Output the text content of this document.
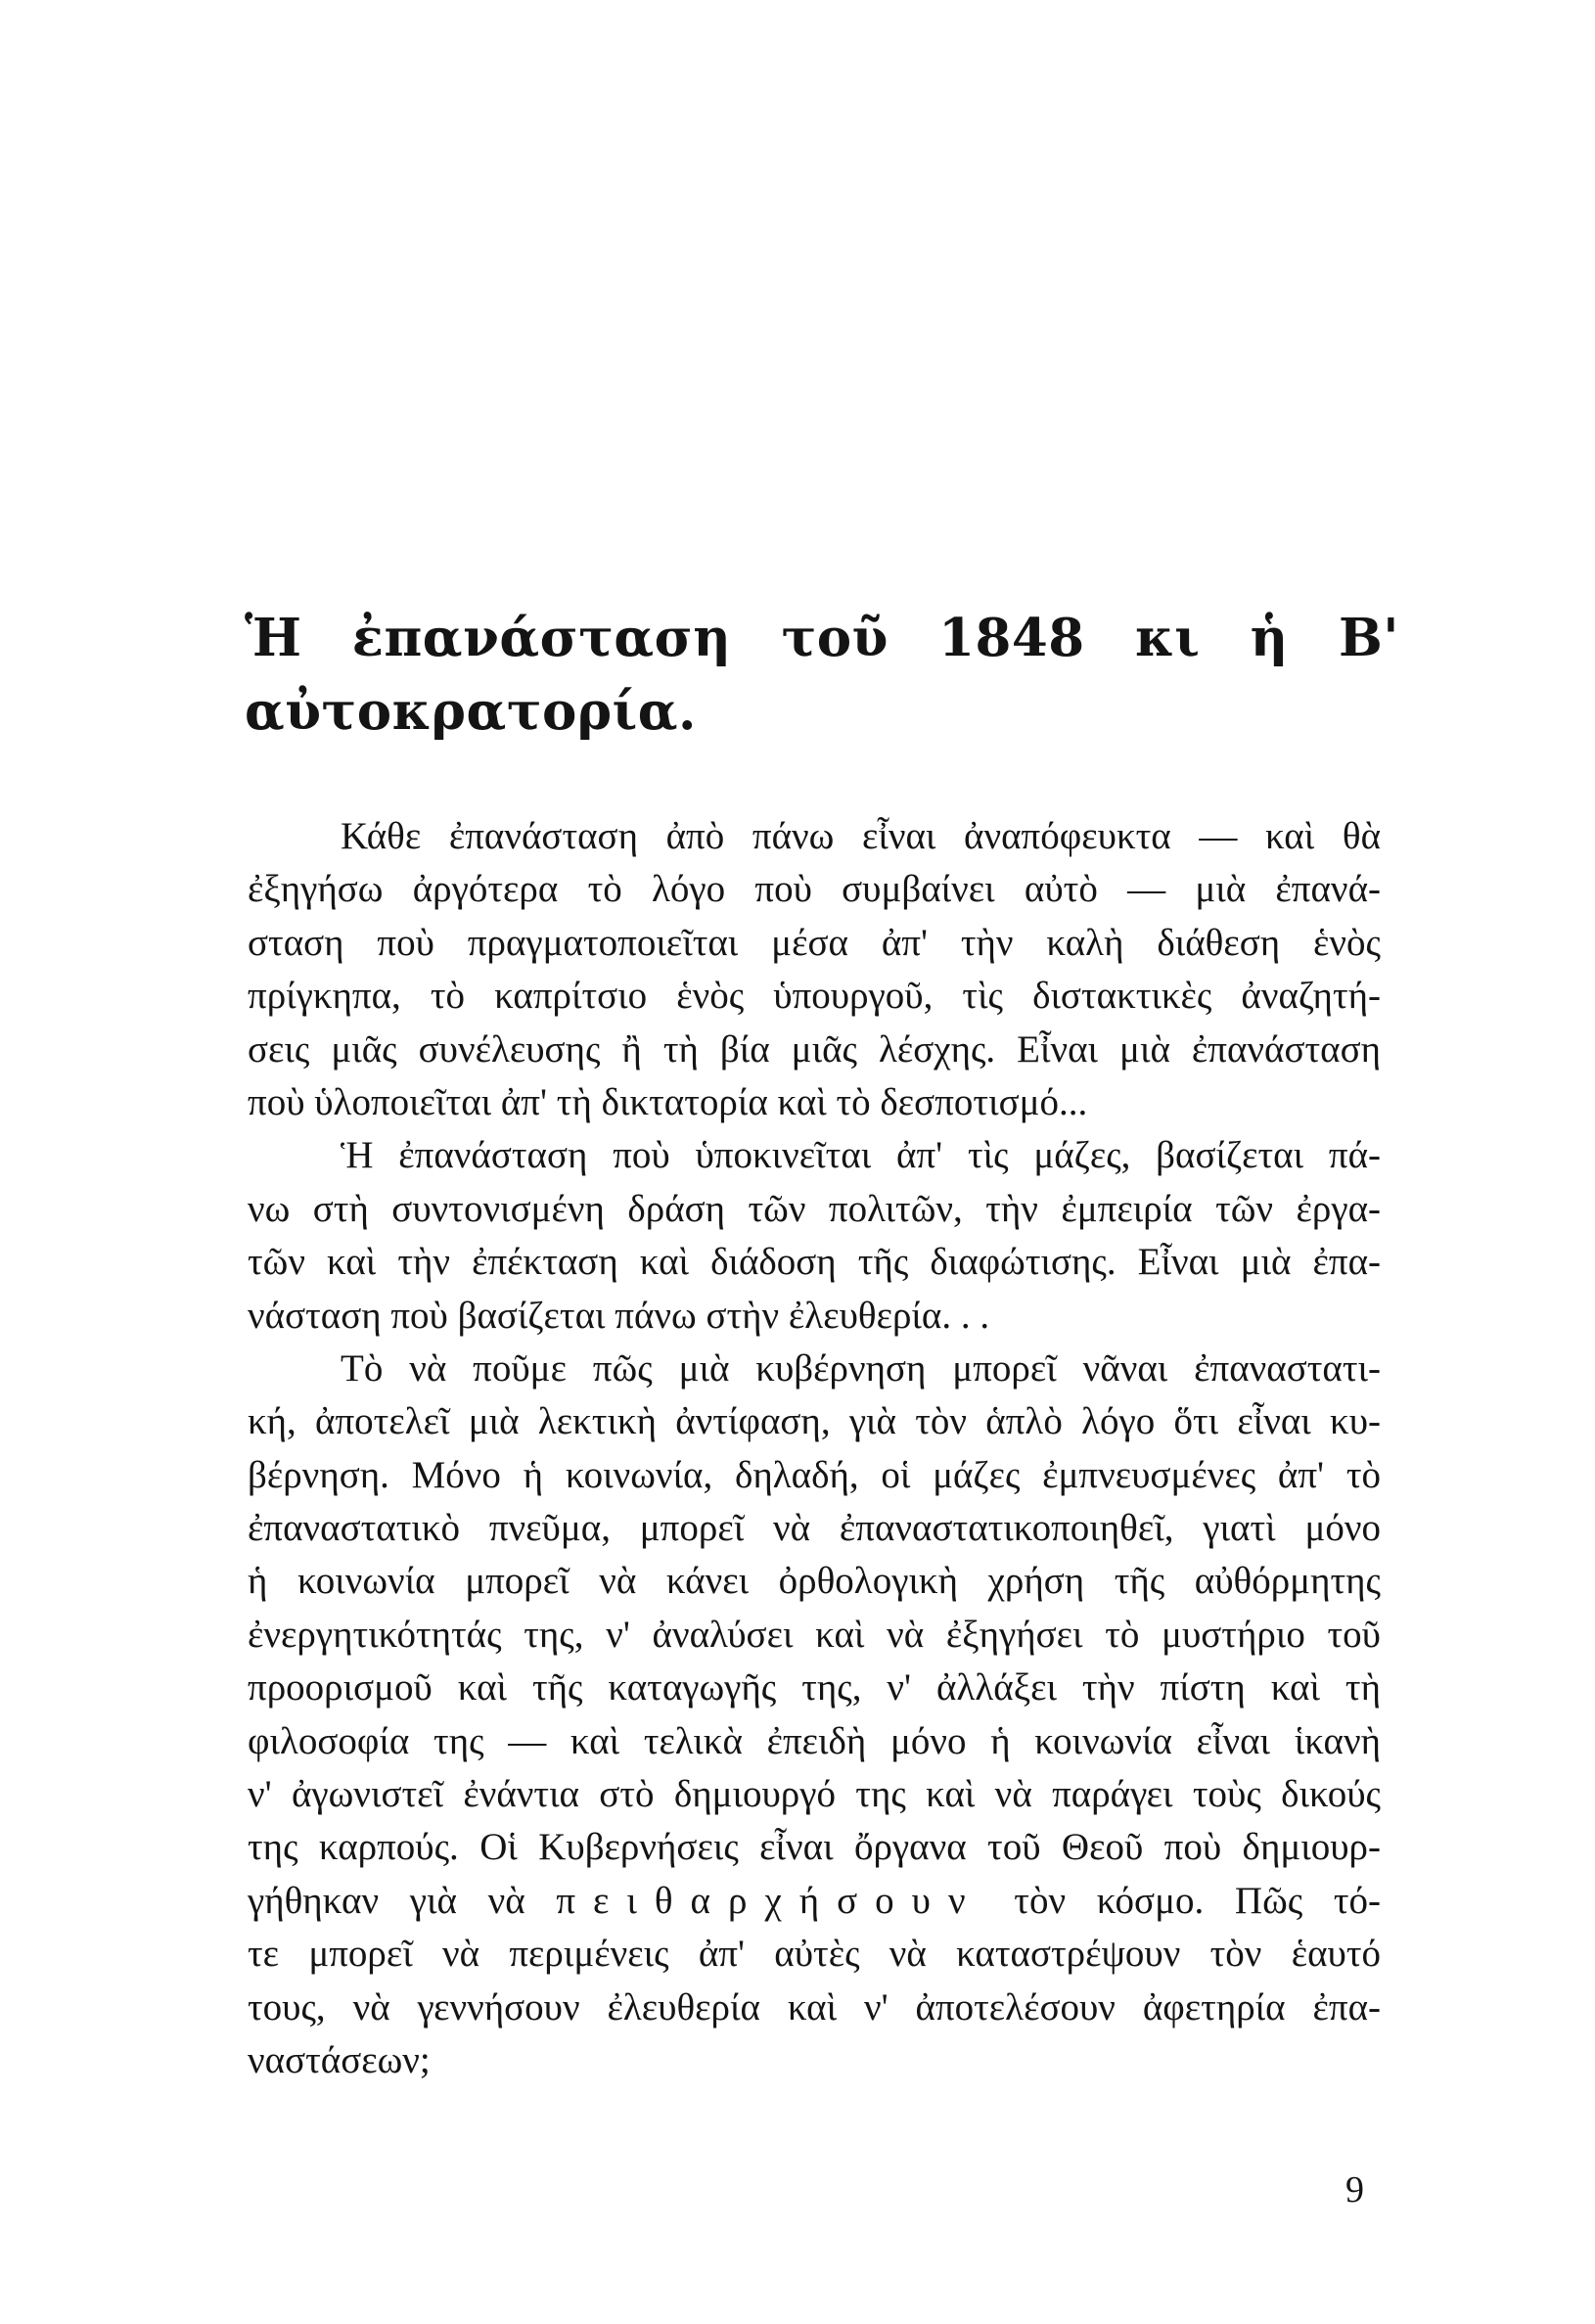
Ἡ ἐπανάσταση τοῦ 1848 κι ἡ Β' αὐτοκρατορία.
Κάθε ἐπανάσταση ἀπὸ πάνω εἶναι ἀναπόφευκτα — καὶ θὰ
ἐξηγήσω ἀργότερα τὸ λόγο ποὺ συμβαίνει αὐτὸ — μιὰ ἐπανά-
σταση ποὺ πραγματοποιεῖται μέσα ἀπ' τὴν καλὴ διάθεση ἑνὸς
πρίγκηπα, τὸ καπρίτσιο ἑνὸς ὑπουργοῦ, τὶς διστακτικὲς ἀναζητή-
σεις μιᾶς συνέλευσης ἢ τὴ βία μιᾶς λέσχης. Εἶναι μιὰ ἐπανάσταση
ποὺ ὑλοποιεῖται ἀπ' τὴ δικτατορία καὶ τὸ δεσποτισμό...
Ἡ ἐπανάσταση ποὺ ὑποκινεῖται ἀπ' τὶς μάζες, βασίζεται πά-
νω στὴ συντονισμένη δράση τῶν πολιτῶν, τὴν ἐμπειρία τῶν ἐργα-
τῶν καὶ τὴν ἐπέκταση καὶ διάδοση τῆς διαφώτισης. Εἶναι μιὰ ἐπα-
νάσταση ποὺ βασίζεται πάνω στὴν ἐλευθερία. . .
Τὸ νὰ ποῦμε πῶς μιὰ κυβέρνηση μπορεῖ νᾶναι ἐπαναστατι-
κή, ἀποτελεῖ μιὰ λεκτικὴ ἀντίφαση, γιὰ τὸν ἁπλὸ λόγο ὅτι εἶναι κυ-
βέρνηση. Μόνο ἡ κοινωνία, δηλαδή, οἱ μάζες ἐμπνευσμένες ἀπ' τὸ
ἐπαναστατικὸ πνεῦμα, μπορεῖ νὰ ἐπαναστατικοποιηθεῖ, γιατὶ μόνο
ἡ κοινωνία μπορεῖ νὰ κάνει ὀρθολογικὴ χρήση τῆς αὐθόρμητης
ἐνεργητικότητάς της, ν' ἀναλύσει καὶ νὰ ἐξηγήσει τὸ μυστήριο τοῦ
προορισμοῦ καὶ τῆς καταγωγῆς της, ν' ἀλλάξει τὴν πίστη καὶ τὴ
φιλοσοφία της — καὶ τελικὰ ἐπειδὴ μόνο ἡ κοινωνία εἶναι ἱκανὴ
ν' ἀγωνιστεῖ ἐνάντια στὸ δημιουργό της καὶ νὰ παράγει τοὺς δικούς
της καρπούς. Οἱ Κυβερνήσεις εἶναι ὄργανα τοῦ Θεοῦ ποὺ δημιουρ-
γήθηκαν γιὰ νὰ πειθαρχήσουν τὸν κόσμο. Πῶς τό-
τε μπορεῖ νὰ περιμένεις ἀπ' αὐτὲς νὰ καταστρέψουν τὸν ἑαυτό
τους, νὰ γεννήσουν ἐλευθερία καὶ ν' ἀποτελέσουν ἀφετηρία ἐπα-
ναστάσεων;
9
